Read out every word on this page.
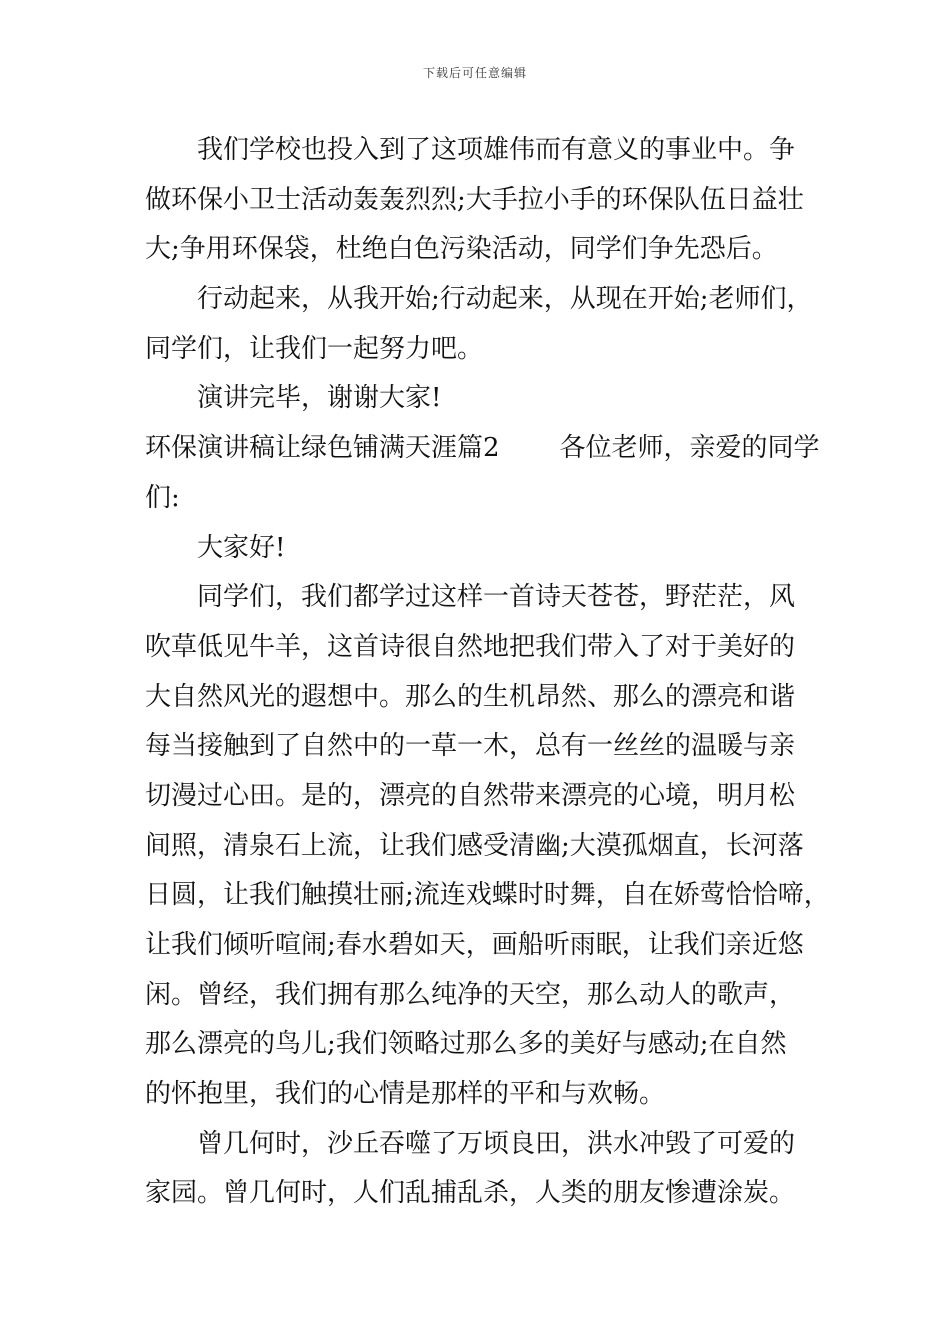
下载后可任意编辑
我们学校也投入到了这项雄伟而有意义的事业中。争
做环保小卫士活动轰轰烈烈;大手拉小手的环保队伍日益壮
大;争用环保袋，杜绝白色污染活动，同学们争先恐后。
行动起来，从我开始;行动起来，从现在开始;老师们，
同学们，让我们一起努力吧。
演讲完毕，谢谢大家!
环保演讲稿让绿色铺满天涯篇2 各位老师，亲爱的同学
们:
大家好!
同学们，我们都学过这样一首诗天苍苍，野茫茫，风
吹草低见牛羊，这首诗很自然地把我们带入了对于美好的
大自然风光的遐想中。那么的生机昂然、那么的漂亮和谐
每当接触到了自然中的一草一木，总有一丝丝的温暖与亲
切漫过心田。是的，漂亮的自然带来漂亮的心境，明月松
间照，清泉石上流，让我们感受清幽;大漠孤烟直，长河落
日圆，让我们触摸壮丽;流连戏蝶时时舞，自在娇莺恰恰啼，
让我们倾听喧闹;春水碧如天，画船听雨眠，让我们亲近悠
闲。曾经，我们拥有那么纯净的天空，那么动人的歌声，
那么漂亮的鸟儿;我们领略过那么多的美好与感动;在自然
的怀抱里，我们的心情是那样的平和与欢畅。
曾几何时，沙丘吞噬了万顷良田，洪水冲毁了可爱的
家园。曾几何时，人们乱捕乱杀，人类的朋友惨遭涂炭。
